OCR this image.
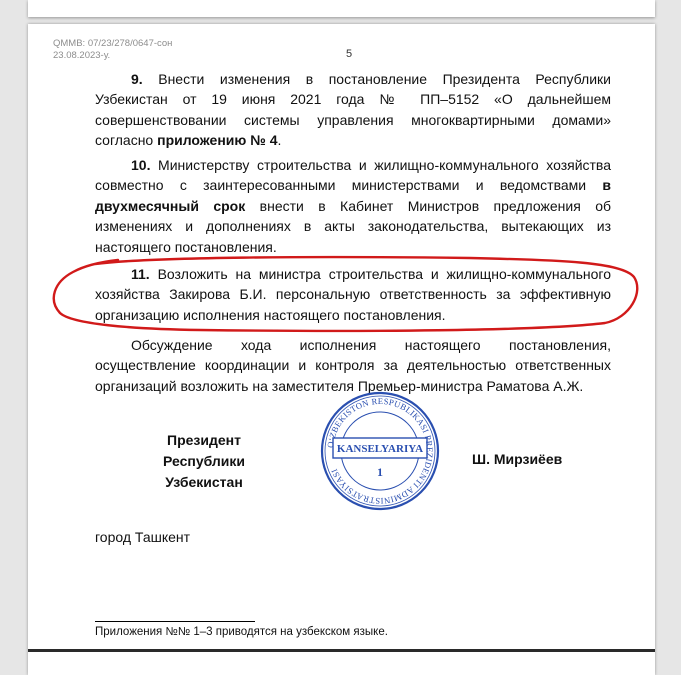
QMMB: 07/23/278/0647-сон
23.08.2023-у.	5

9. Внести изменения в постановление Президента Республики Узбекистан от 19 июня 2021 года № ПП–5152 «О дальнейшем совершенствовании системы управления многоквартирными домами» согласно приложению № 4.

10. Министерству строительства и жилищно-коммунального хозяйства совместно с заинтересованными министерствами и ведомствами в двухмесячный срок внести в Кабинет Министров предложения об изменениях и дополнениях в акты законодательства, вытекающих из настоящего постановления.

11. Возложить на министра строительства и жилищно-коммунального хозяйства Закирова Б.И. персональную ответственность за эффективную организацию исполнения настоящего постановления.

Обсуждение хода исполнения настоящего постановления, осуществление координации и контроля за деятельностью ответственных организаций возложить на заместителя Премьер-министра Раматова А.Ж.

Президент
Республики Узбекистан
O‘ZBEKISTON RESPUBLIKASI PREZIDENTI ADMINISTRATSIYASI
KANSELYARIYA
1
Ш. Мирзиёев
город Ташкент
Приложения №№ 1–3 приводятся на узбекском языке.
